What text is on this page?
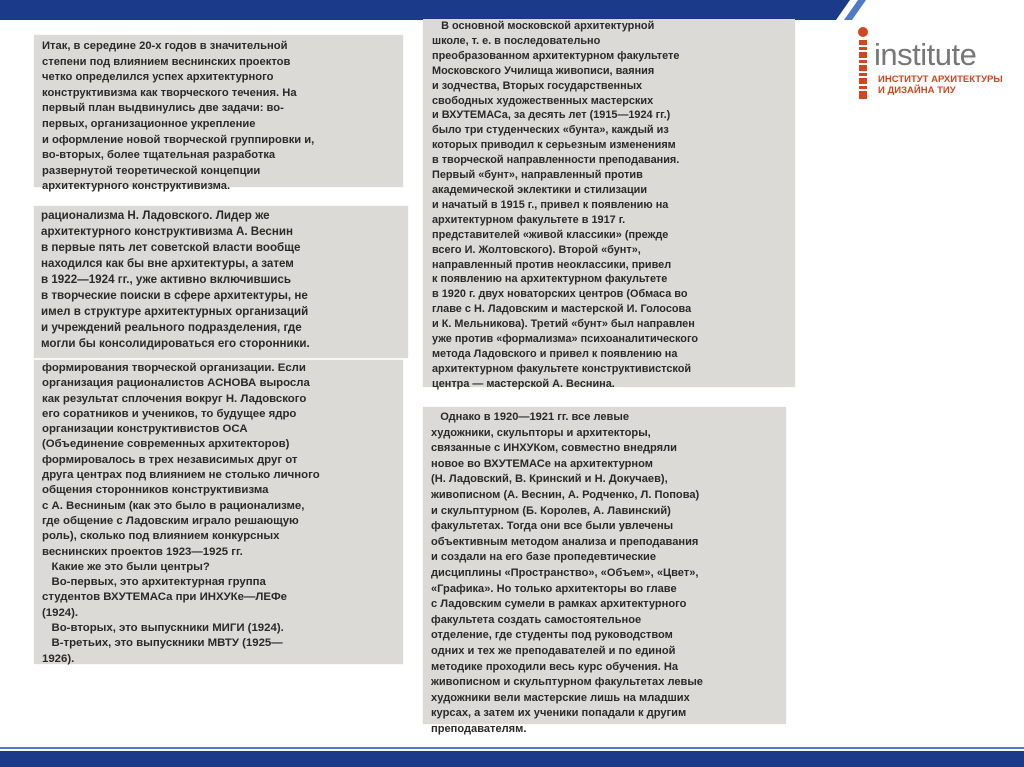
institute
ИНСТИТУТ АРХИТЕКТУРЫ
И ДИЗАЙНА ТИУ

Итак, в середине 20-х годов в значительной
степени под влиянием веснинских проектов
четко определился успех архитектурного
конструктивизма как творческого течения. На
первый план выдвинулись две задачи: во-
первых, организационное укрепление
и оформление новой творческой группировки и,
во-вторых, более тщательная разработка
развернутой теоретической концепции
архитектурного конструктивизма.

рационализма Н. Ладовского. Лидер же
архитектурного конструктивизма А. Веснин
в первые пять лет советской власти вообще
находился как бы вне архитектуры, а затем
в 1922—1924 гг., уже активно включившись
в творческие поиски в сфере архитектуры, не
имел в структуре архитектурных организаций
и учреждений реального подразделения, где
могли бы консолидироваться его сторонники.

формирования творческой организации. Если
организация рационалистов АСНОВА выросла
как результат сплочения вокруг Н. Ладовского
его соратников и учеников, то будущее ядро
организации конструктивистов ОСА
(Объединение современных архитекторов)
формировалось в трех независимых друг от
друга центрах под влиянием не столько личного
общения сторонников конструктивизма
с А. Весниным (как это было в рационализме,
где общение с Ладовским играло решающую
роль), сколько под влиянием конкурсных
веснинских проектов 1923—1925 гг.
Какие же это были центры?
Во-первых, это архитектурная группа
студентов ВХУТЕМАСа при ИНХУКе—ЛЕФе
(1924).
Во-вторых, это выпускники МИГИ (1924).
В-третьих, это выпускники МВТУ (1925—
1926).

В основной московской архитектурной
школе, т. е. в последовательно
преобразованном архитектурном факультете
Московского Училища живописи, ваяния
и зодчества, Вторых государственных
свободных художественных мастерских
и ВХУТЕМАСа, за десять лет (1915—1924 гг.)
было три студенческих «бунта», каждый из
которых приводил к серьезным изменениям
в творческой направленности преподавания.
Первый «бунт», направленный против
академической эклектики и стилизации
и начатый в 1915 г., привел к появлению на
архитектурном факультете в 1917 г.
представителей «живой классики» (прежде
всего И. Жолтовского). Второй «бунт»,
направленный против неоклассики, привел
к появлению на архитектурном факультете
в 1920 г. двух новаторских центров (Обмаса во
главе с Н. Ладовским и мастерской И. Голосова
и К. Мельникова). Третий «бунт» был направлен
уже против «формализма» психоаналитического
метода Ладовского и привел к появлению на
архитектурном факультете конструктивистской
центра — мастерской А. Веснина.

Однако в 1920—1921 гг. все левые
художники, скульпторы и архитекторы,
связанные с ИНХУКом, совместно внедряли
новое во ВХУТЕМАСе на архитектурном
(Н. Ладовский, В. Кринский и Н. Докучаев),
живописном (А. Веснин, А. Родченко, Л. Попова)
и скульптурном (Б. Королев, А. Лавинский)
факультетах. Тогда они все были увлечены
объективным методом анализа и преподавания
и создали на его базе пропедевтические
дисциплины «Пространство», «Объем», «Цвет»,
«Графика». Но только архитекторы во главе
с Ладовским сумели в рамках архитектурного
факультета создать самостоятельное
отделение, где студенты под руководством
одних и тех же преподавателей и по единой
методике проходили весь курс обучения. На
живописном и скульптурном факультетах левые
художники вели мастерские лишь на младших
курсах, а затем их ученики попадали к другим
преподавателям.
